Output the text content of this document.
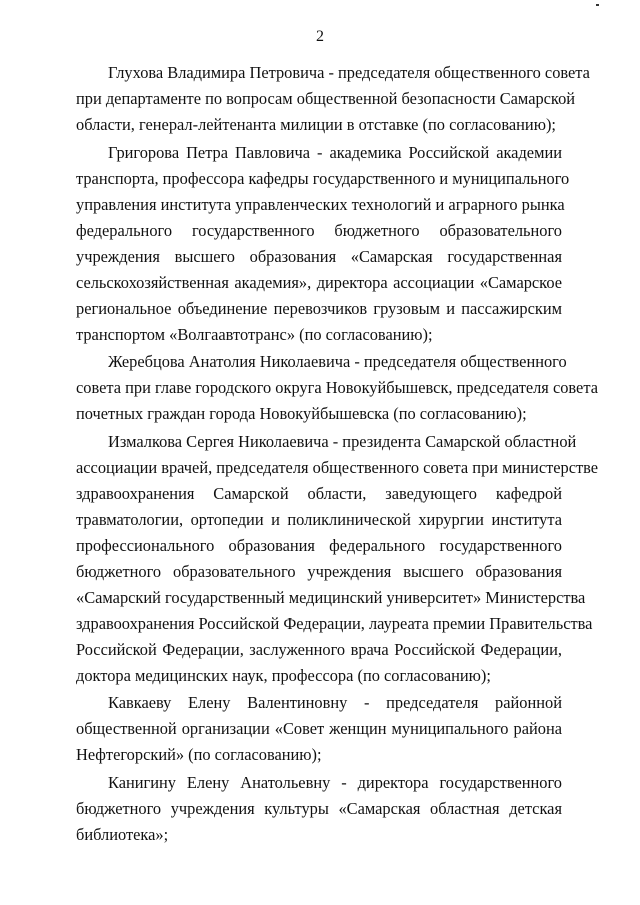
2
Глухова Владимира Петровича - председателя общественного совета
при департаменте по вопросам общественной безопасности Самарской
области, генерал-лейтенанта милиции в отставке (по согласованию);
Григорова Петра Павловича - академика Российской академии
транспорта, профессора кафедры государственного и муниципального
управления института управленческих технологий и аграрного рынка
федерального государственного бюджетного образовательного
учреждения высшего образования «Самарская государственная
сельскохозяйственная академия», директора ассоциации «Самарское
региональное объединение перевозчиков грузовым и пассажирским
транспортом «Волгаавтотранс» (по согласованию);
Жеребцова Анатолия Николаевича - председателя общественного
совета при главе городского округа Новокуйбышевск, председателя совета
почетных граждан города Новокуйбышевска (по согласованию);
Измалкова Сергея Николаевича - президента Самарской областной
ассоциации врачей, председателя общественного совета при министерстве
здравоохранения Самарской области, заведующего кафедрой
травматологии, ортопедии и поликлинической хирургии института
профессионального образования федерального государственного
бюджетного образовательного учреждения высшего образования
«Самарский государственный медицинский университет» Министерства
здравоохранения Российской Федерации, лауреата премии Правительства
Российской Федерации, заслуженного врача Российской Федерации,
доктора медицинских наук, профессора (по согласованию);
Кавкаеву Елену Валентиновну - председателя районной
общественной организации «Совет женщин муниципального района
Нефтегорский» (по согласованию);
Канигину Елену Анатольевну - директора государственного
бюджетного учреждения культуры «Самарская областная детская
библиотека»;
